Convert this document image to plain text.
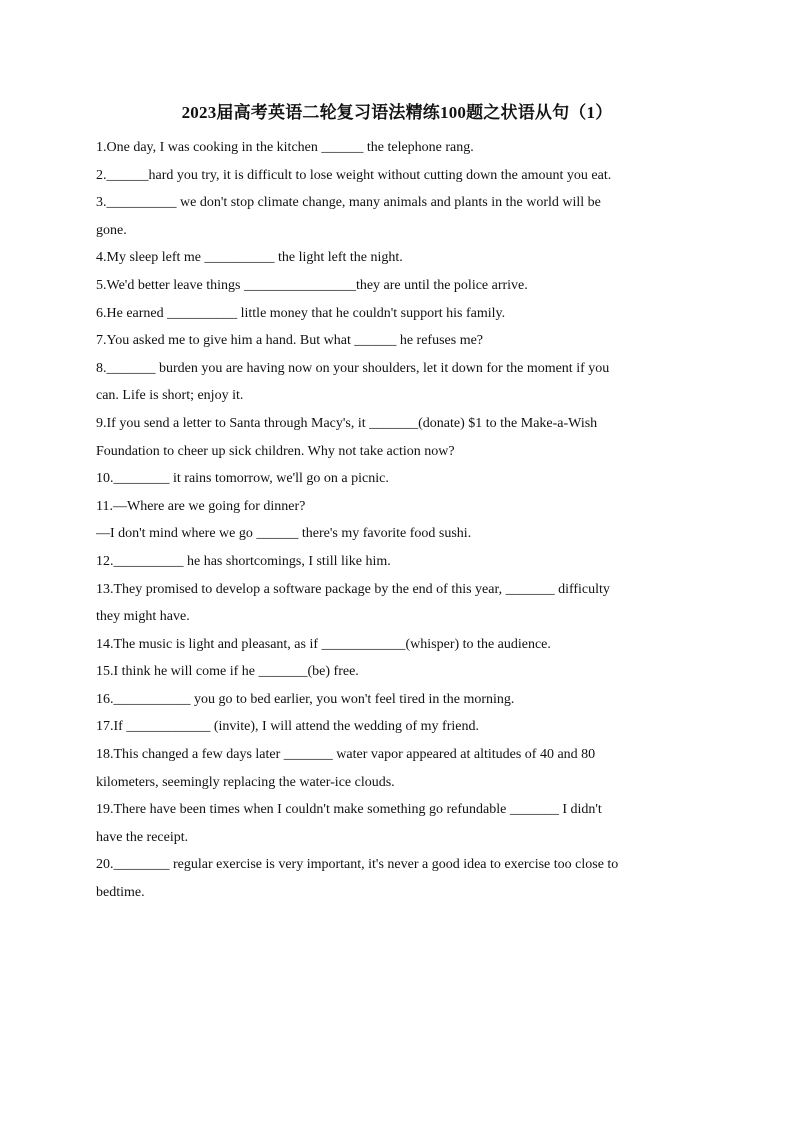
2023届高考英语二轮复习语法精练100题之状语从句（1）
1.One day, I was cooking in the kitchen ______ the telephone rang.
2.______hard you try, it is difficult to lose weight without cutting down the amount you eat.
3.__________ we don't stop climate change, many animals and plants in the world will be
gone.
4.My sleep left me __________ the light left the night.
5.We'd better leave things ________________they are until the police arrive.
6.He earned __________ little money that he couldn't support his family.
7.You asked me to give him a hand. But what ______ he refuses me?
8._______ burden you are having now on your shoulders, let it down for the moment if you
can. Life is short; enjoy it.
9.If you send a letter to Santa through Macy's, it _______(donate) $1 to the Make-a-Wish
Foundation to cheer up sick children. Why not take action now?
10.________ it rains tomorrow, we'll go on a picnic.
11.—Where are we going for dinner?
—I don't mind where we go ______ there's my favorite food sushi.
12.__________ he has shortcomings, I still like him.
13.They promised to develop a software package by the end of this year, _______ difficulty
they might have.
14.The music is light and pleasant, as if ____________(whisper) to the audience.
15.I think he will come if he _______(be) free.
16.___________ you go to bed earlier, you won't feel tired in the morning.
17.If ____________ (invite), I will attend the wedding of my friend.
18.This changed a few days later _______ water vapor appeared at altitudes of 40 and 80
kilometers, seemingly replacing the water-ice clouds.
19.There have been times when I couldn't make something go refundable _______ I didn't
have the receipt.
20.________ regular exercise is very important, it's never a good idea to exercise too close to
bedtime.
